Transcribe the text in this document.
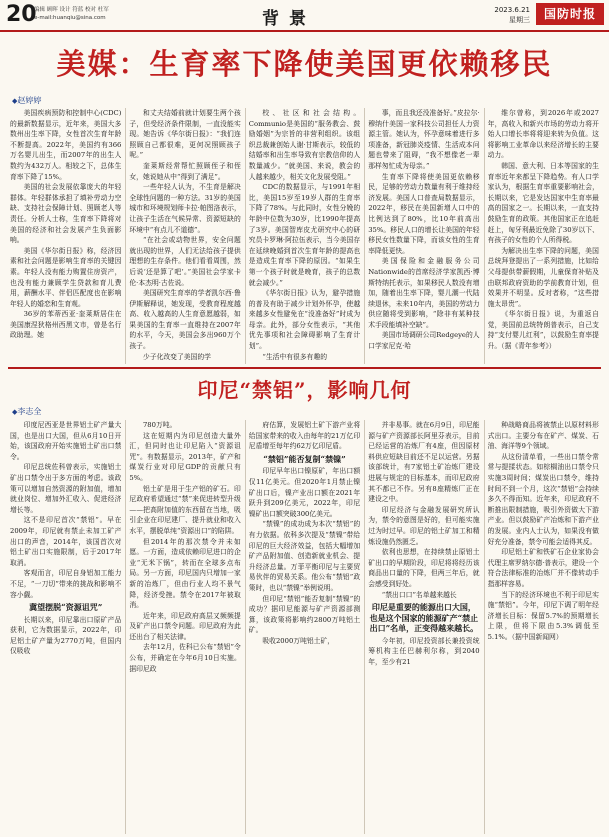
20
编辑 顾晖 设计 符蓝 校对 杜军
e-mail:huanqiu@sina.com	背景	2023.6.21
星期三	国防时报
美媒：生育率下降使美国更依赖移民
◆ 赵婷婷

美国疾病预防和控制中心(CDC)的最新数据显示，近年来，美国大多数州出生率下降，女性首次生育年龄不断提高。2022年，美国约有366万名婴儿出生，而2007年的出生人数约为432万人。相较之下，总体生育率下降了15%。

美国的社会发展依靠庞大的年轻群体。年轻群体承担了填补劳动力空缺、支持社会保障计划、照顾老人等责任。分析人士称，生育率下降将对美国的经济和社会发展产生负面影响。

美国《华尔街日报》称，经济因素和社会问题是影响生育率的关键因素。年轻人没有能力购置住房资产，也没有能力兼顾学生贷款和育儿费用，薪酬水平、伴侣匹配度也在影响年轻人的婚恋和生育观。

36岁的苯蒂西亚·奎莱斯居住在美国康涅狄格州西黑文市，曾是名行政助理。她

和丈夫结婚前就计划要生两个孩子，但受经济条件限制，一直没能实现。她告诉《华尔街日报》：“我们连照顾自己都很难，更何况照顾孩子呢。”

奎莱斯经常帮忙照顾侄子和侄女，她说她从中“得到了满足”。

一些年轻人认为，不生育是解决全球性问题的一种方法。31岁的美国城市和环境规划师卡拉·帕图洛表示，让孩子生活在气候异常、资源短缺的环境中“有点儿不道德”。

“在社会或动物世界，安全问题就出现的世界，人们无法给孩子提供理想的生存条件。他们看看周围，然后说‘还是算了吧’。”美国社会学家卡伦·本杰明·古佐说。

美国研究生育率的学者凯尔西·鲁伊斯解释说，她发现，受教育程度越高、收入越高的人生育意愿越弱，如果美国的生育率一直维持在2007年的水平，今天，美国会多出960万个孩子。

少子化改变了美国的学

校、社区和社会结构。Communio是美国的“服务教会、鼓励婚姻”为宗旨的非营利组织。该组织总裁兼创始人谢·甘斯表示，较低的结婚率和出生率导致有宗教信仰的人数量减少。“就美国、来说，教会的人越来越少，相关文化发展受阻。”

CDC的数据显示，与1991年相比，美国15岁至19岁人群的生育率下降了78%。与此同时，女性分娩的年龄中位数为30岁，比1990年提高了3岁。美国智库皮尤研究中心的研究员卡罗琳·阿拉伍表示，当今美国存在延续晚婚到首次生育年龄的提高也是造成生育率下降的原因。“如果生第一个孩子时就是晚育，孩子的总数就会减少。”

《华尔街日报》认为，避孕措施的普及有助于减少计划外怀孕，使越来越多女性避免在“没准备好”时成为母亲。此外，部分女性表示，“其他优先事项和社会障碍影响了生育计划”。

“生活中有很多有趣的

事，而且我还没准备好。”皮拉尔·穆纳什美国一家科技公司担任人力资源主管。她认为，怀孕意味着进行多项准备，新冠肺炎疫情、生活成本问题也带来了阻碍，“我不想像老一辈那样匆忙成为母亲。”

生育率下降将使美国更依赖移民，足够的劳动力数量有利于维持经济发展。美国人口普查局数据显示，2022年，移民在美国新增人口中的比例达到了80%，比10年前高出35%。移民人口的增长让美国的年轻移民女性数量下降，而该女性的生育率降低更快。

美国保险和金融服务公司Nationwide的首席经济学家凯西·博斯特纳托表示，如果移民人数没有增加，随着出生率下降，婴儿潮一代陆续退休，未来10年内，美国的劳动力供应随将受到影响，“除非有某种技术手段能填补空缺”。

美国市场调研公司Redgeye的人口学家尼克·哈

维尔曾称，到2026年或2027年，高收入和新兴市场的劳动力将开始人口增长率将将迎来转为负值。这将影响工业革命以来经济增长的主要动力。

韩国、意大利、日本等国家的生育率近年来都呈下降趋势。有人口学家认为，根据生育率重要影响社会，长期以来，它是发达国家中生育率最高的国家之一。长期以来，一直支持鼓励生育的政策。其他国家正在追赶赶上，匈牙利最近免除了30岁以下、有孩子的女性的个人所得税。

为解决出生率下降的问题，美国总统拜登提出了一系列措施，比如给父母提供带薪假期，儿童保育补贴及由联邦政府资助的学前教育计划，但效果并不明显。反对者称，“这些措施太昂贵”。

《华尔街日报》说，为重返自觉，美国前总统特朗普表示，自己支持“支付婴儿红利”，以鼓励生育率提升。（据《青年参考》）

印尼“禁铝”，影响几何
◆ 李志全

印度尼西亚是世界铝土矿产量大国，也是出口大国，但从6月10日开始，该国政府开始实施铝土矿出口禁令。

印尼总统佐科曾表示，实施铝土矿出口禁令出于多方面的考虑。该政策可以增加自然资源的附加值，增加就业岗位、增加外汇收入、促进经济增长等。

这不是印尼首次“禁铝”。早在2009年，印尼就有禁止未加工矿产出口的声音，2014年，该国首次对铝土矿出口实施限制，后于2017年取消。

客观而言，印尼自身铝加工能力不足，“一刀切”带来的挑战和影响不容小觑。

冀望摆脱“资源诅咒”

长期以来，印尼靠出口原矿产品获利，它为数据显示，2022年，印尼铝土矿产量为2770万吨，但国内仅吸收

780万吨。

这在短期内为印尼创造大量外汇，但同时也让印尼陷入“资源诅咒”。有数据显示，2013年，矿产和煤炭行业对印尼GDP的贡献只有5%。

铝土矿是用于生产铝的矿石。印尼政府希望通过“禁”来促进转型升级——把高附加值的东西留在当地，吸引企业在印尼建厂、提升就业和收入水平，摆脱单纯“资源出口”的陷阱。

但2014年的那次禁令并未如愿。一方面，造成依赖印尼进口的企业“无米下锅”，转而在全球多点布局。另一方面，印尼国内只增加一家新的冶炼厂，但由行业人均不景气降，经济受挫。禁令在2017年被取消。

近年来，印尼政府高层又频频提及矿产出口禁令问题。印尼政府为此还出台了相关法律。

去年12月，佐科已公布“禁铝”令公布，并确定在今年6月10日实施。据印尼政

府估算，发展铝土矿下游产业将给国家带来的收入由每年的21万亿印尼盾增至每年约62万亿印尼盾。

“禁铝”能否复制“禁镍”

印尼早年出口镍原矿，年出口额仅11亿美元。但2020年1月禁止镍矿出口后，镍产业出口额在2021年跃升到209亿美元，2022年，印尼镍矿出口额突破300亿美元。

“禁镍”的成功成为本次“禁铝”的有力依据。依科多次提及“禁镍”带给印尼的巨大经济效益，包括大幅增加矿产品附加值、创造新就业机会、提升经济总量。万菲平衡印尼与主要贸易伙伴的贸易关系。他公布“禁铝”政策时，也以“禁镍”举例说明。

但印尼“禁铝”能否复制“禁镍”的成功？据印尼能源与矿产资源部测算，该政策将影响约2800万吨铝土矿。

吸收2000万吨铝土矿，

并非易事。就在6月9日，印尼能源与矿产资源部长阿里芬表示，目前已经运营的冶炼厂有4座，但因原材料供应短缺目前还不足以运营。另据该部统计，有7家铝土矿冶炼厂建设进展与规定的目标基本，而印尼政府其不都已不作。另有8座精炼厂正在建设之中。

印尼经济与金融发展研究所认为，禁令的意图是好的，但可能实施过为时过早。印尼的铝土矿加工和精炼设施仍然匮乏。

依利也思想，在持续禁止原铝土矿出口的早期阶段，印尼将将经历该商品出口量的下降，但两三年后，就会感受到好处。

“禁出口口”名单越来越长

印尼是重要的能源出口大国，也是这个国家的能源矿产“禁止出口”名单，正变得越来越长。

今年初，印尼投资部长兼投资统筹机构主任巴赫利尔称，到2040年，至少有21

种战略商品将被禁止以原材料形式出口。主要分布在矿产、煤炭、石油、海洋等9个领域。

从这份清单看，一些出口禁令常常与提揉状态。如棕榈油出口禁令只实施3周时间；煤炭出口禁令，维持时间不到一个月，这次“禁铝”会持续多久不得而知。近年来，印尼政府不断推出限制措施，吸引外资做大下游产业。但以鼓励矿产冶炼和下游产业的发展。业内人士认为，如果没有做好充分准备，禁令可能会适得其反。

印尼铝土矿和铁矿石企业家协会代理主席罗纳尔德·普表示，建设一个符合法律标准的冶炼厂并不像转动手指那样容易。

当下的经济环境也不利于印尼实施“禁铝”。今年，印尼下调了明年经济增长目标：保留5.7%的预期增长上限，但将下限由5.3%调低至5.1%。（据中国新闻网）
